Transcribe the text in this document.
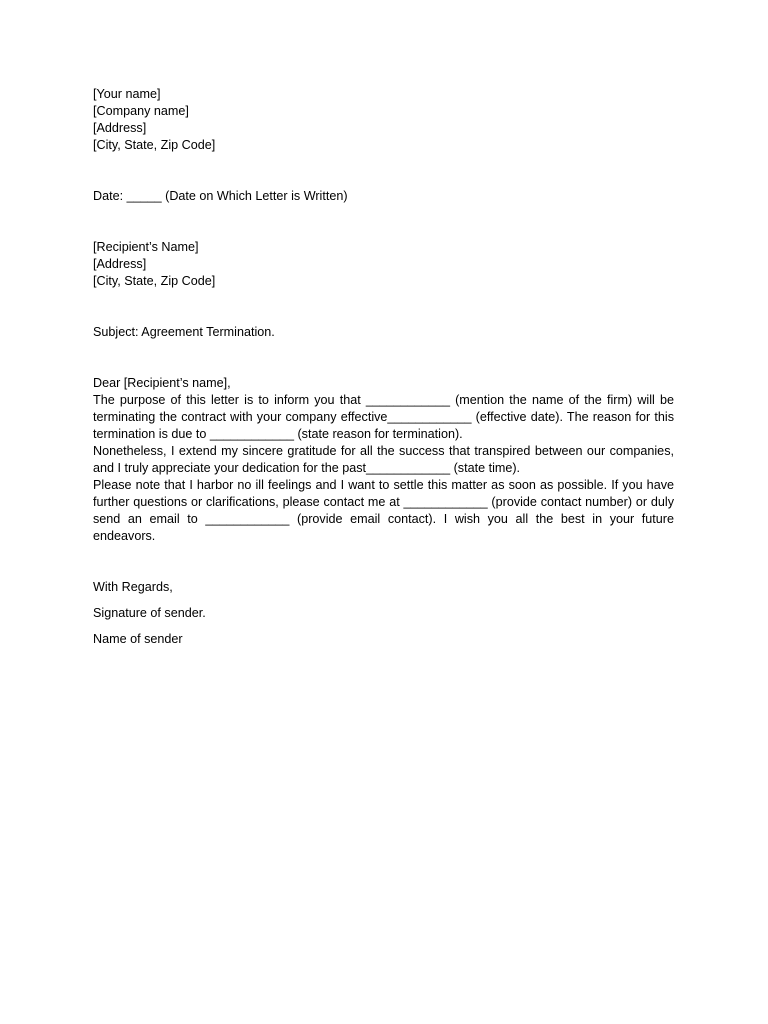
[Your name]

[Company name]

[Address]

[City, State, Zip Code]

Date: _____ (Date on Which Letter is Written)

[Recipient’s Name]

[Address]

[City, State, Zip Code]

Subject: Agreement Termination.

Dear [Recipient’s name],

The purpose of this letter is to inform you that ____________ (mention the name of the firm) will be terminating the contract with your company effective____________ (effective date). The reason for this termination is due to ____________ (state reason for termination).

Nonetheless, I extend my sincere gratitude for all the success that transpired between our companies, and I truly appreciate your dedication for the past____________ (state time).

Please note that I harbor no ill feelings and I want to settle this matter as soon as possible. If you have further questions or clarifications, please contact me at ____________ (provide contact number) or duly send an email to ____________ (provide email contact). I wish you all the best in your future endeavors.

With Regards,

Signature of sender.

Name of sender
